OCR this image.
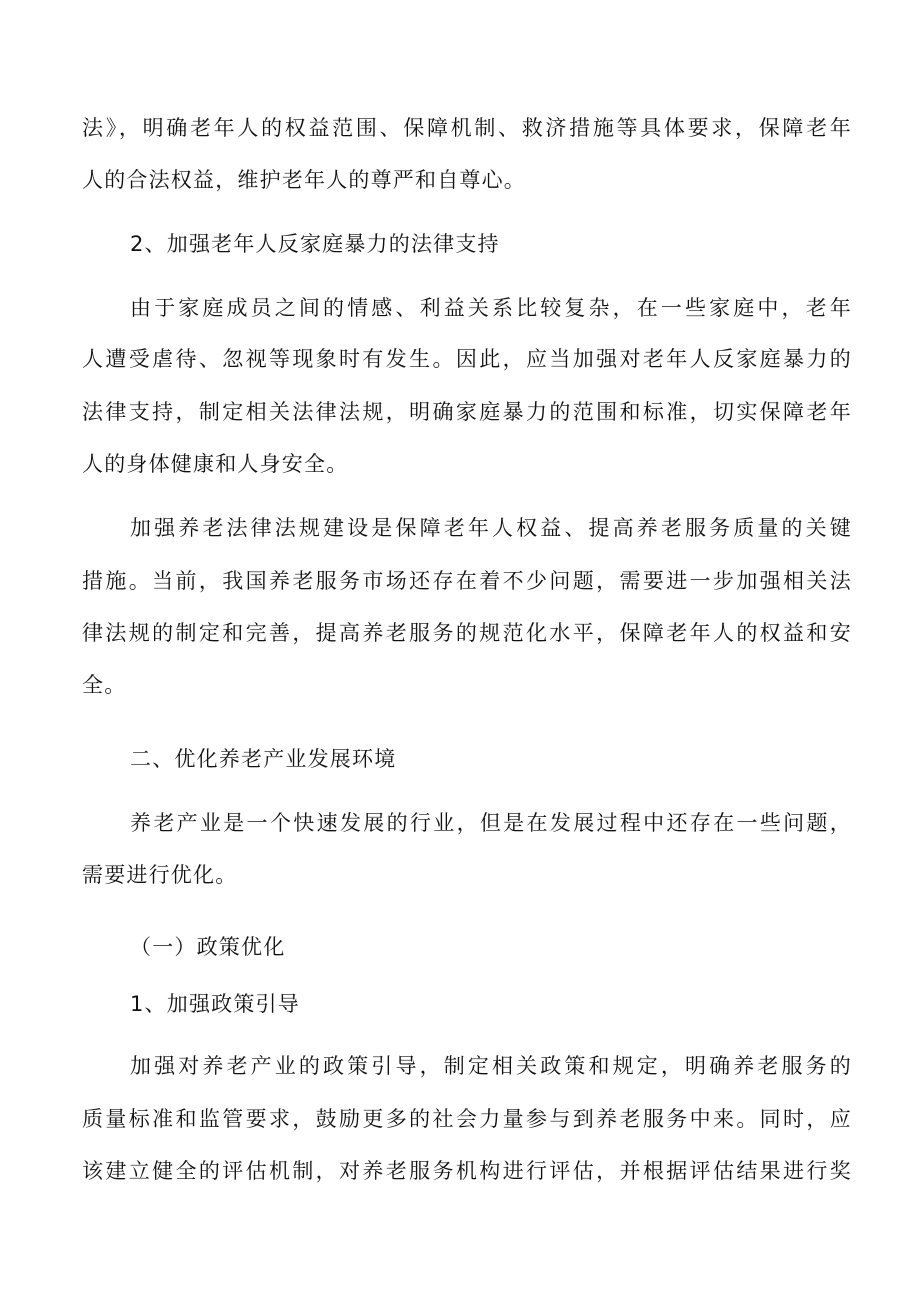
法》，明确老年人的权益范围、保障机制、救济措施等具体要求，保障老年
人的合法权益，维护老年人的尊严和自尊心。
2、加强老年人反家庭暴力的法律支持
由于家庭成员之间的情感、利益关系比较复杂，在一些家庭中，老年
人遭受虐待、忽视等现象时有发生。因此，应当加强对老年人反家庭暴力的
法律支持，制定相关法律法规，明确家庭暴力的范围和标准，切实保障老年
人的身体健康和人身安全。
加强养老法律法规建设是保障老年人权益、提高养老服务质量的关键
措施。当前，我国养老服务市场还存在着不少问题，需要进一步加强相关法
律法规的制定和完善，提高养老服务的规范化水平，保障老年人的权益和安
全。
二、优化养老产业发展环境
养老产业是一个快速发展的行业，但是在发展过程中还存在一些问题，
需要进行优化。
（一）政策优化
1、加强政策引导
加强对养老产业的政策引导，制定相关政策和规定，明确养老服务的
质量标准和监管要求，鼓励更多的社会力量参与到养老服务中来。同时，应
该建立健全的评估机制，对养老服务机构进行评估，并根据评估结果进行奖
